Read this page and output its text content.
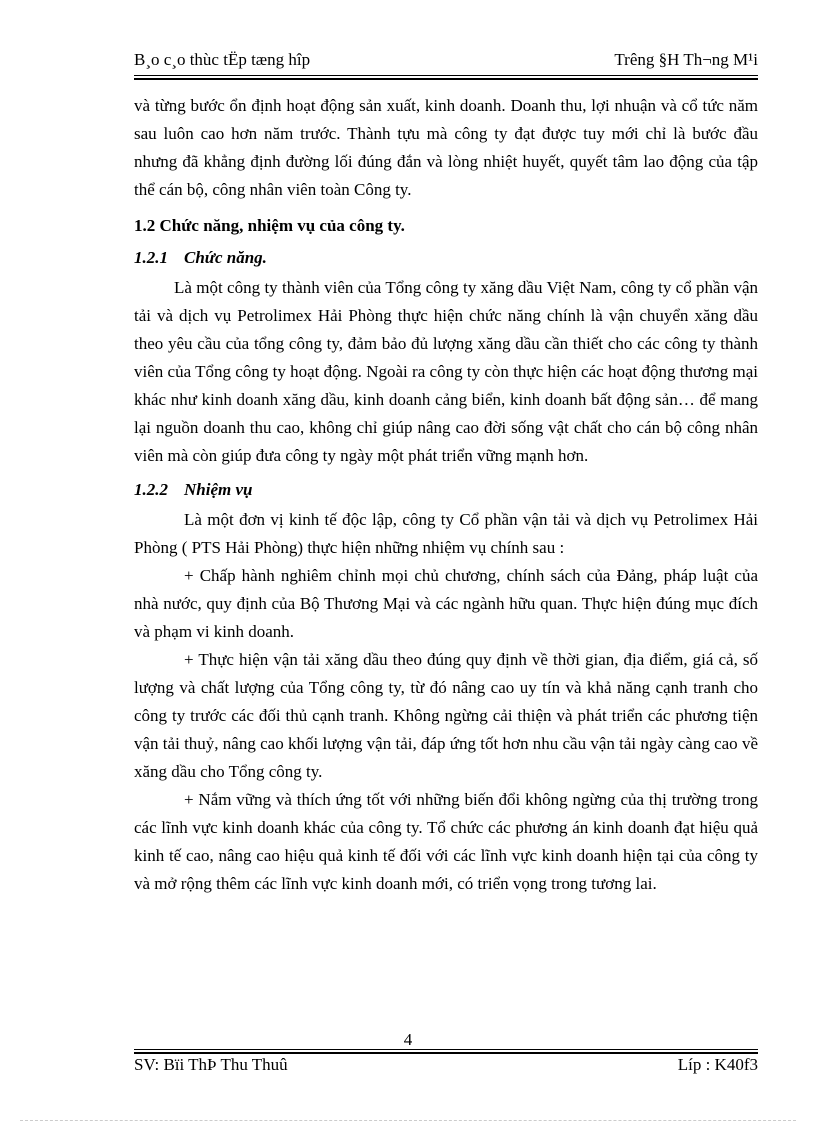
B¸o c¸o thùc tËp tæng hîp	Trêng §H Th¬ng M¹i

và từng bước ổn định hoạt động sản xuất, kinh doanh. Doanh thu, lợi nhuận và cổ tức năm sau luôn cao hơn năm trước. Thành tựu mà công ty đạt được tuy mới chỉ là bước đầu nhưng đã khẳng định đường lối đúng đắn và lòng nhiệt huyết, quyết tâm lao động của tập thể cán bộ, công nhân viên toàn Công ty.

1.2 Chức năng, nhiệm vụ của công ty.

1.2.1 Chức năng.

Là một công ty thành viên của Tổng công ty xăng dầu Việt Nam, công ty cổ phần vận tải và dịch vụ Petrolimex Hải Phòng thực hiện chức năng chính là vận chuyển xăng dầu theo yêu cầu của tổng công ty, đảm bảo đủ lượng xăng dầu cần thiết cho các công ty thành viên của Tổng công ty hoạt động. Ngoài ra công ty còn thực hiện các hoạt động thương mại khác như kinh doanh xăng dầu, kinh doanh cảng biển, kinh doanh bất động sản… để mang lại nguồn doanh thu cao, không chỉ giúp nâng cao đời sống vật chất cho cán bộ công nhân viên mà còn giúp đưa công ty ngày một phát triển vững mạnh hơn.

1.2.2 Nhiệm vụ

Là một đơn vị kinh tế độc lập, công ty Cổ phần vận tải và dịch vụ Petrolimex Hải Phòng ( PTS Hải Phòng) thực hiện những nhiệm vụ chính sau :

+ Chấp hành nghiêm chỉnh mọi chủ chương, chính sách của Đảng, pháp luật của nhà nước, quy định của Bộ Thương Mại và các ngành hữu quan. Thực hiện đúng mục đích và phạm vi kinh doanh.

+ Thực hiện vận tải xăng dầu theo đúng quy định về thời gian, địa điểm, giá cả, số lượng và chất lượng của Tổng công ty, từ đó nâng cao uy tín và khả năng cạnh tranh cho công ty trước các đối thủ cạnh tranh. Không ngừng cải thiện và phát triển các phương tiện vận tải thuỷ, nâng cao khối lượng vận tải, đáp ứng tốt hơn nhu cầu vận tải ngày càng cao về xăng dầu cho Tổng công ty.

+ Nắm vững và thích ứng tốt với những biến đổi không ngừng của thị trường trong các lĩnh vực kinh doanh khác của công ty. Tổ chức các phương án kinh doanh đạt hiệu quả kinh tế cao, nâng cao hiệu quả kinh tế đối với các lĩnh vực kinh doanh hiện tại của công ty và mở rộng thêm các lĩnh vực kinh doanh mới, có triển vọng trong tương lai.

4
SV: Bïi ThÞ Thu Thuû	Líp : K40f3
